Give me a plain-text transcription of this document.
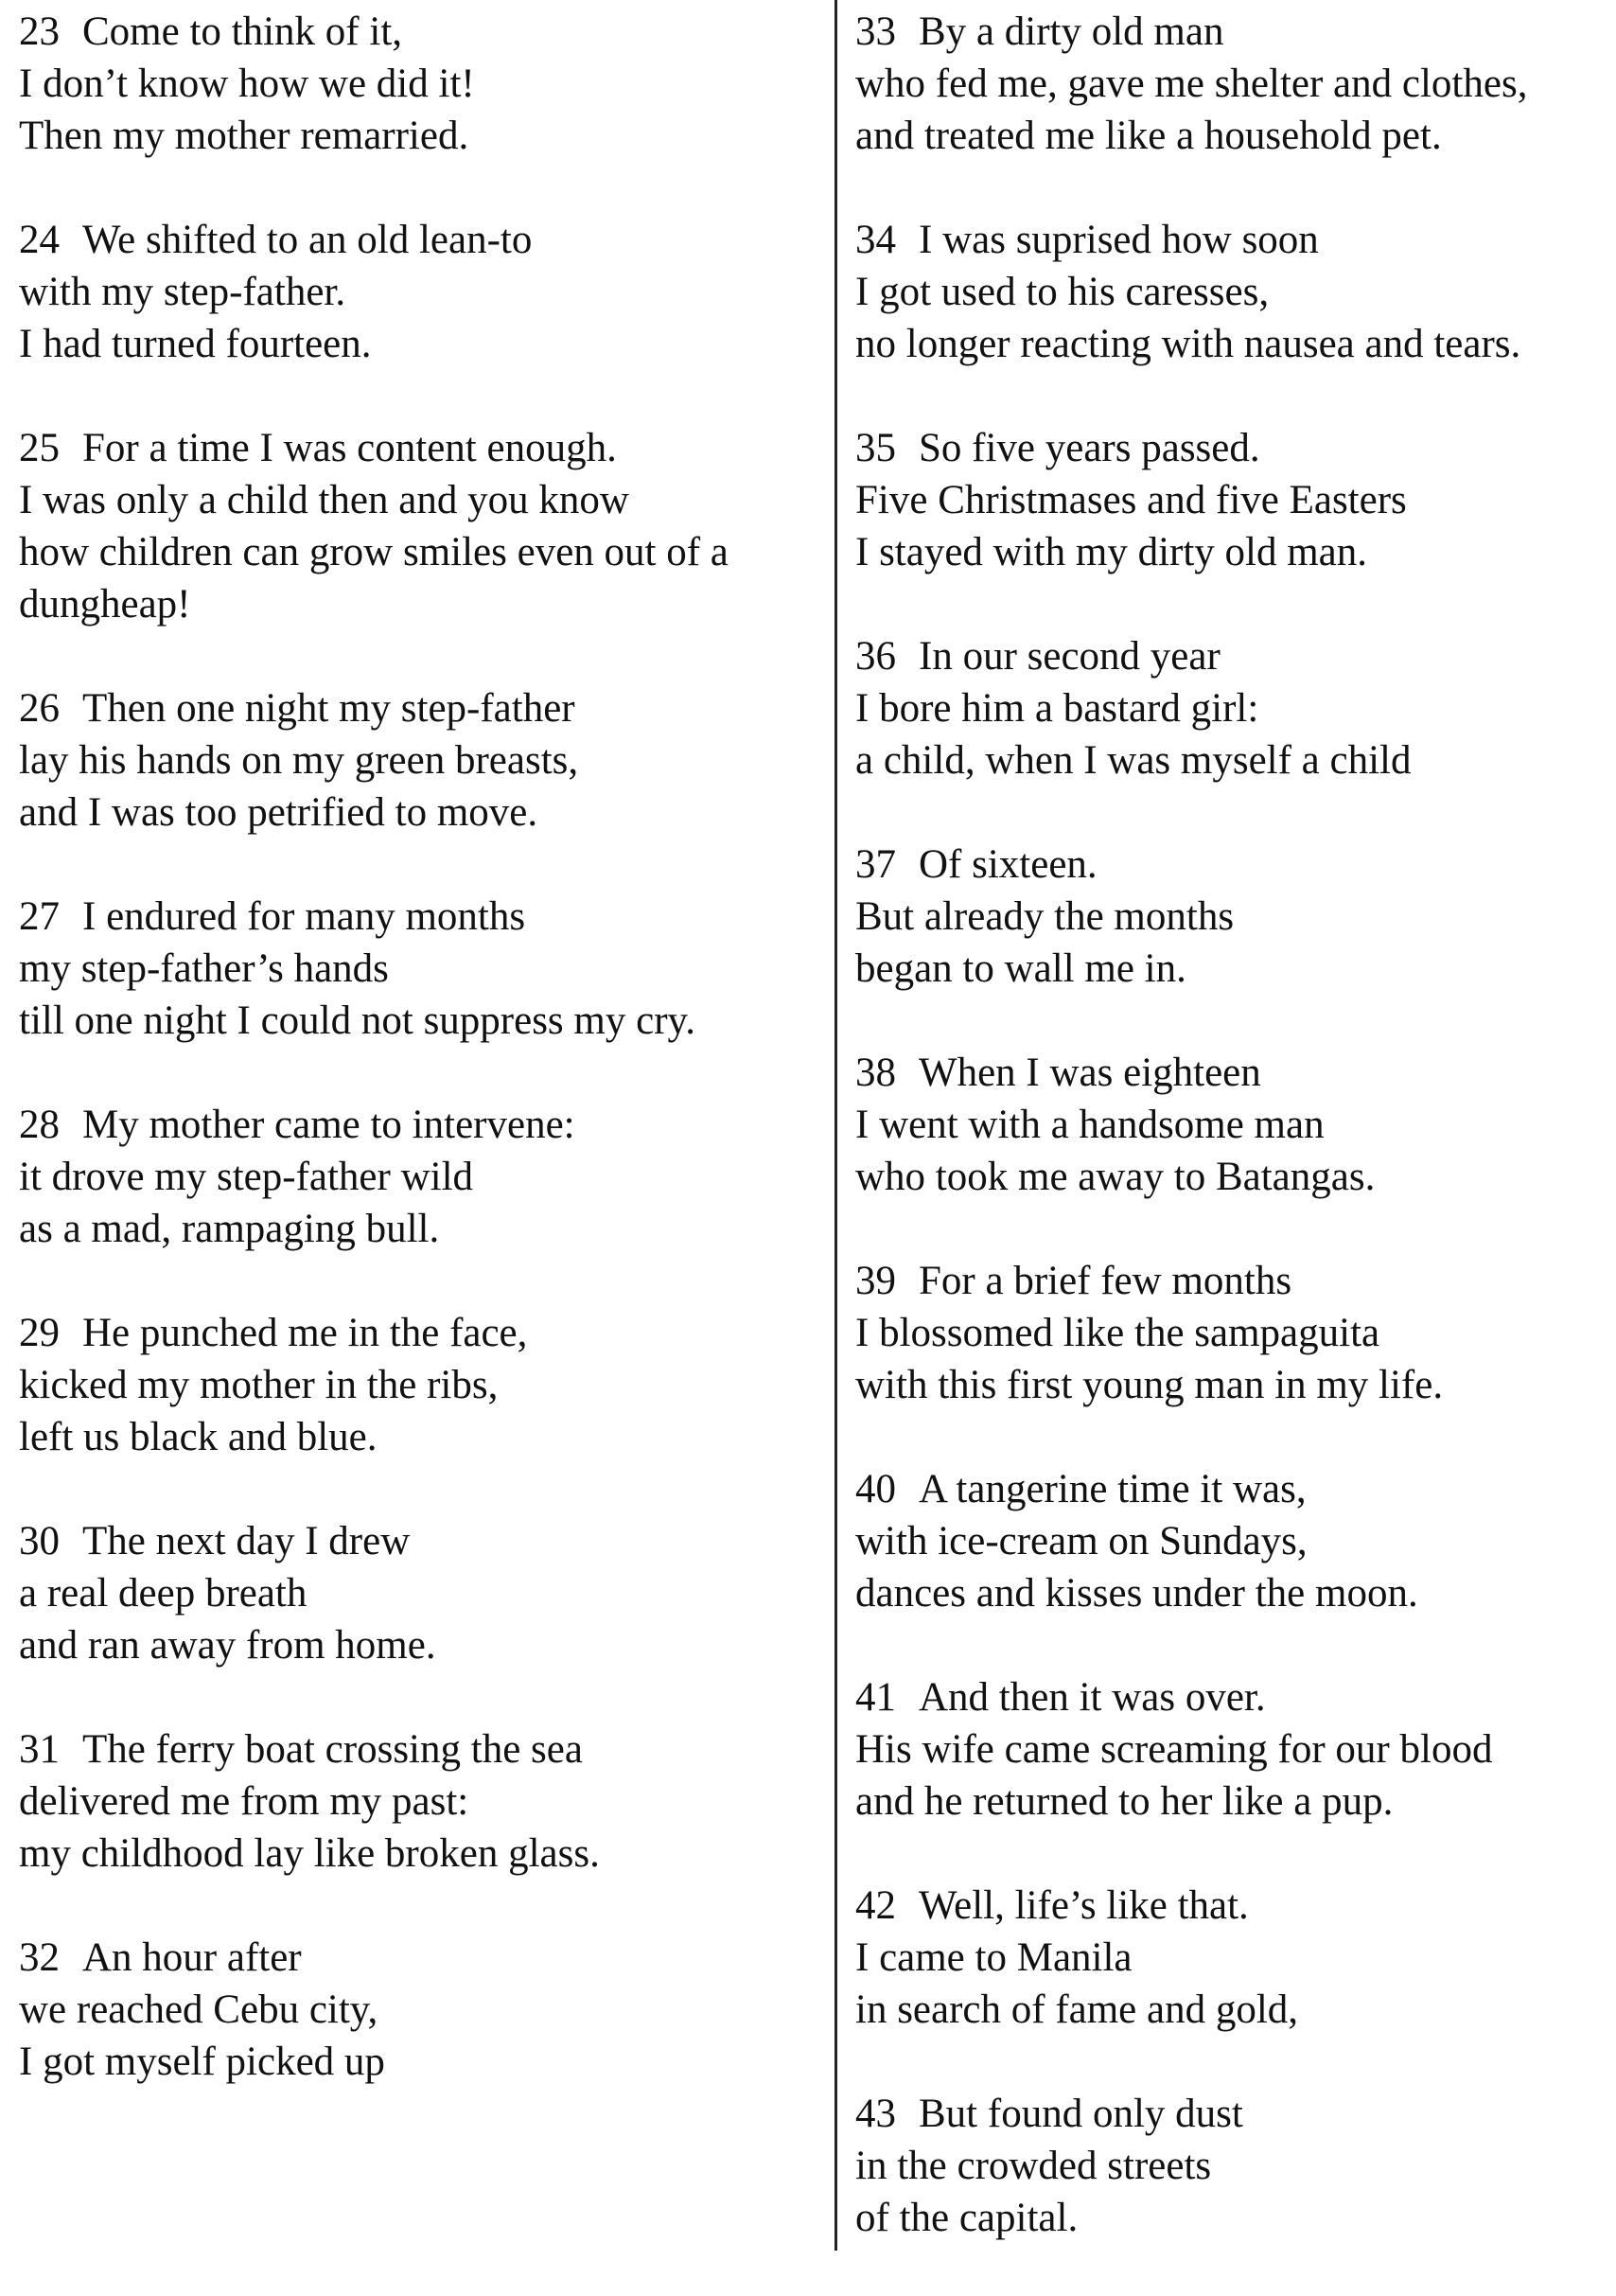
23 Come to think of it,
I don’t know how we did it!
Then my mother remarried.
24 We shifted to an old lean-to
with my step-father.
I had turned fourteen.
25 For a time I was content enough.
I was only a child then and you know
how children can grow smiles even out of a dungheap!
26 Then one night my step-father
lay his hands on my green breasts,
and I was too petrified to move.
27 I endured for many months
my step-father’s hands
till one night I could not suppress my cry.
28 My mother came to intervene:
it drove my step-father wild
as a mad, rampaging bull.
29 He punched me in the face,
kicked my mother in the ribs,
left us black and blue.
30 The next day I drew
a real deep breath
and ran away from home.
31 The ferry boat crossing the sea
delivered me from my past:
my childhood lay like broken glass.
32 An hour after
we reached Cebu city,
I got myself picked up
33 By a dirty old man
who fed me, gave me shelter and clothes,
and treated me like a household pet.
34 I was suprised how soon
I got used to his caresses,
no longer reacting with nausea and tears.
35 So five years passed.
Five Christmases and five Easters
I stayed with my dirty old man.
36 In our second year
I bore him a bastard girl:
a child, when I was myself a child
37 Of sixteen.
But already the months
began to wall me in.
38 When I was eighteen
I went with a handsome man
who took me away to Batangas.
39 For a brief few months
I blossomed like the sampaguita
with this first young man in my life.
40 A tangerine time it was,
with ice-cream on Sundays,
dances and kisses under the moon.
41 And then it was over.
His wife came screaming for our blood
and he returned to her like a pup.
42 Well, life’s like that.
I came to Manila
in search of fame and gold,
43 But found only dust
in the crowded streets
of the capital.
